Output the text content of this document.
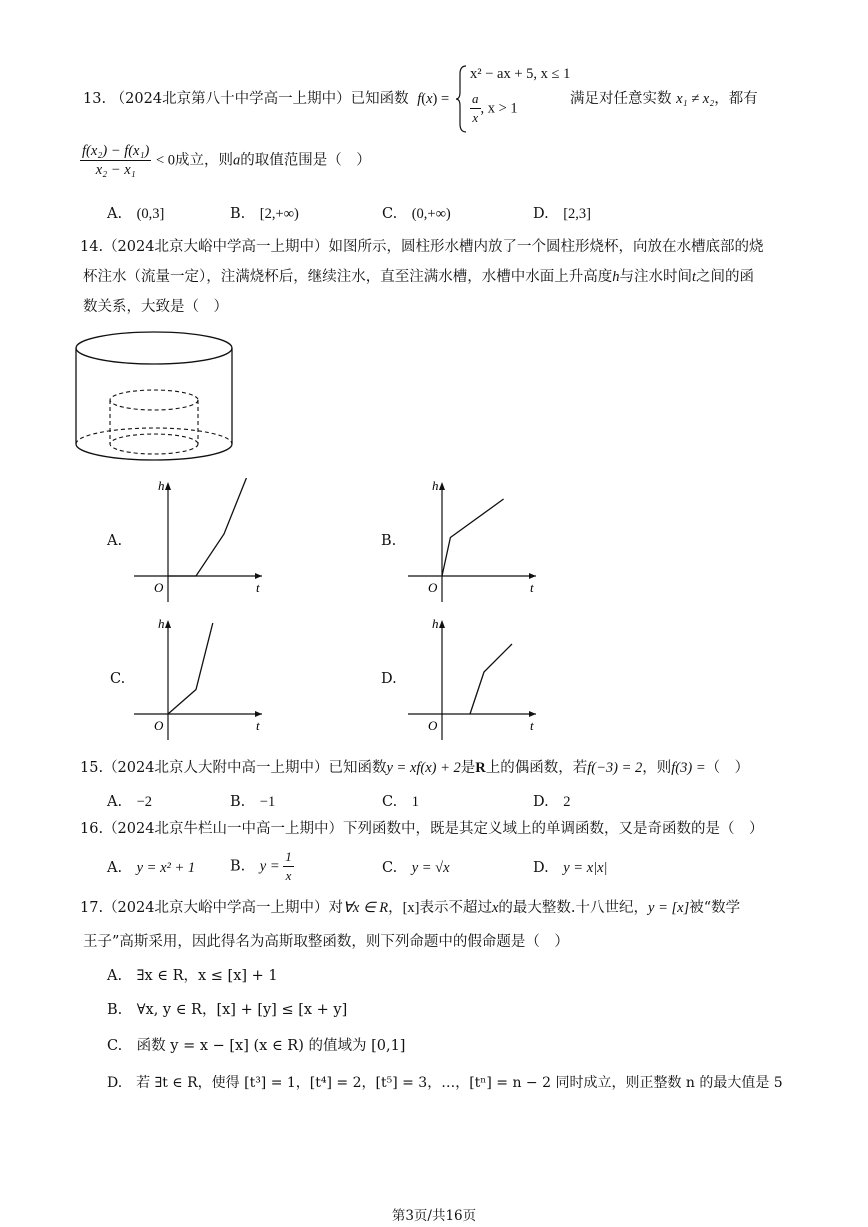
13. （2024北京第八十中学高一上期中）已知函数 f(x) =
x² − ax + 5, x ≤ 1
$\frac{a}{x}$ , x > 1
满足对任意实数 x₁ ≠ x₂，都有
$\frac{\text{f(x₂) − f(x₁)}}{\text{x₂ − x₁}} < 0$成立，则a的取值范围是（　）
A.　 (0,3]	B.　 [2,+∞)	C.　 (0,+∞)	D.　 [2,3]
14.（2024北京大峪中学高一上期中）如图所示，圆柱形水槽内放了一个圆柱形烧杯，向放在水槽底部的烧
杯注水（流量一定），注满烧杯后，继续注水，直至注满水槽，水槽中水面上升高度h与注水时间t之间的函
数关系，大致是（　）
A.
h
t
O
B.
h
t
O
C.
h
t
O
D.
h
t
O
15.（2024北京人大附中高一上期中）已知函数y = xf(x) + 2是R上的偶函数，若f(−3) = 2，则f(3) =（　）
A.　 −2	B.　 −1	C.　 1	D.　 2
16.（2024北京牛栏山一中高一上期中）下列函数中，既是其定义域上的单调函数，又是奇函数的是（　）
A.　 y = x² + 1 B.　 $y = \frac{1}{x}$	C.　 y = √x	D.　 y = x|x|
17.（2024北京大峪中学高一上期中）对∀x ∈ R，[x]表示不超过x的最大整数.十八世纪，y = [x]被“数学
王子”高斯采用，因此得名为高斯取整函数，则下列命题中的假命题是（　）
A.　∃x ∈ R，x ≤ [x] + 1
B.　∀x, y ∈ R，[x] + [y] ≤ [x + y]
C.　函数 y = x − [x] (x ∈ R) 的值域为 [0,1]
D.　若 ∃t ∈ R，使得 [t³] = 1，[t⁴] = 2，[t⁵] = 3，…，[tⁿ] = n − 2 同时成立，则正整数 n 的最大值是 5
第3页/共16页
